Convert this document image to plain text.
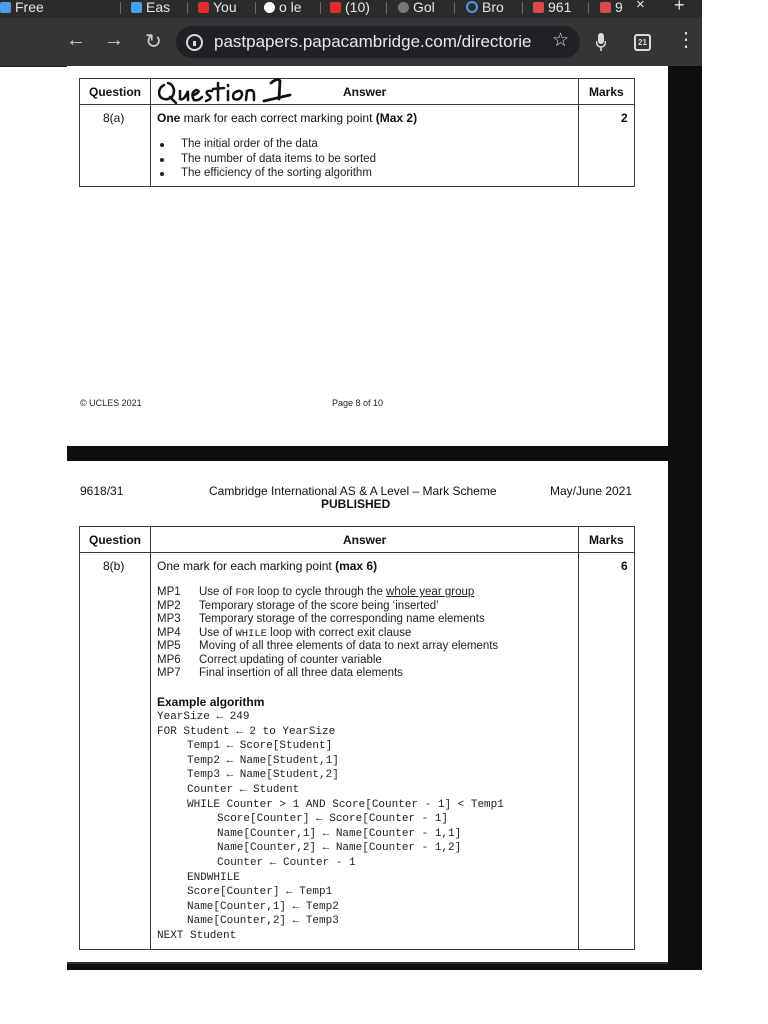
Free	Eas	You	o le	(10)	Gol	Bro	961	9 × +
← → ↻	pastpapers.papacambridge.com/directorie	☆	21 ⋮
Question	Answer	Marks
8(a)	One mark for each correct marking point (Max 2)	2
The initial order of the data
The number of data items to be sorted
The efficiency of the sorting algorithm
© UCLES 2021	Page 8 of 10
9618/31	Cambridge International AS & A Level – Mark Scheme
PUBLISHED
May/June 2021
Question	Answer	Marks
8(b)	One mark for each marking point (max 6)	6
MP1 Use of FOR loop to cycle through the whole year group
MP2 Temporary storage of the score being ‘inserted’
MP3 Temporary storage of the corresponding name elements
MP4 Use of WHILE loop with correct exit clause
MP5 Moving of all three elements of data to next array elements
MP6 Correct updating of counter variable
MP7 Final insertion of all three data elements
Example algorithm
YearSize ← 249
FOR Student ← 2 to YearSize
Temp1 ← Score[Student]
Temp2 ← Name[Student,1]
Temp3 ← Name[Student,2]
Counter ← Student
WHILE Counter > 1 AND Score[Counter - 1] < Temp1
Score[Counter] ← Score[Counter - 1]
Name[Counter,1] ← Name[Counter - 1,1]
Name[Counter,2] ← Name[Counter - 1,2]
Counter ← Counter - 1
ENDWHILE
Score[Counter] ← Temp1
Name[Counter,1] ← Temp2
Name[Counter,2] ← Temp3
NEXT Student
